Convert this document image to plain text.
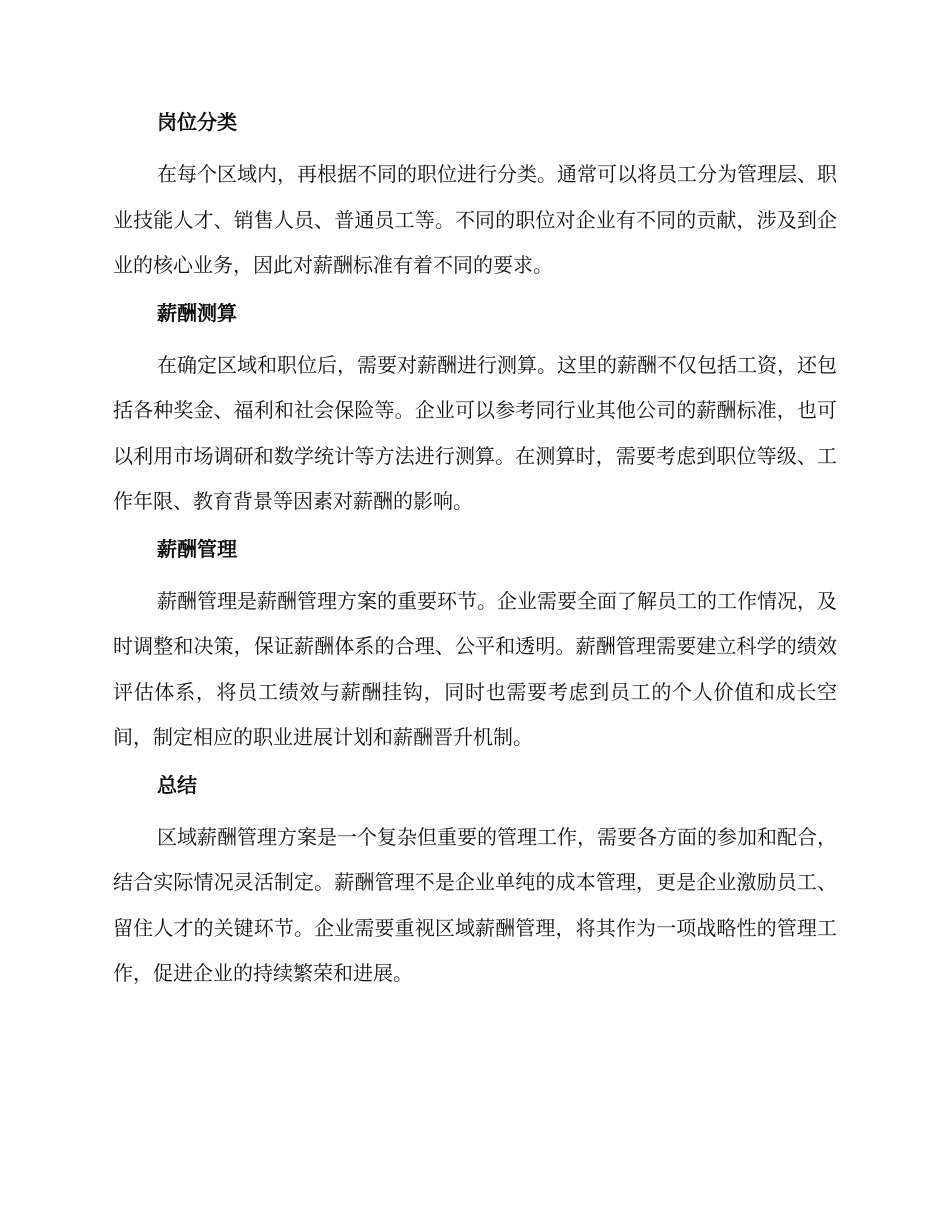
岗位分类

在每个区域内，再根据不同的职位进行分类。通常可以将员工分为管理层、职业技能人才、销售人员、普通员工等。不同的职位对企业有不同的贡献，涉及到企业的核心业务，因此对薪酬标准有着不同的要求。

薪酬测算

在确定区域和职位后，需要对薪酬进行测算。这里的薪酬不仅包括工资，还包括各种奖金、福利和社会保险等。企业可以参考同行业其他公司的薪酬标准，也可以利用市场调研和数学统计等方法进行测算。在测算时，需要考虑到职位等级、工作年限、教育背景等因素对薪酬的影响。

薪酬管理

薪酬管理是薪酬管理方案的重要环节。企业需要全面了解员工的工作情况，及时调整和决策，保证薪酬体系的合理、公平和透明。薪酬管理需要建立科学的绩效评估体系，将员工绩效与薪酬挂钩，同时也需要考虑到员工的个人价值和成长空间，制定相应的职业进展计划和薪酬晋升机制。

总结

区域薪酬管理方案是一个复杂但重要的管理工作，需要各方面的参加和配合，结合实际情况灵活制定。薪酬管理不是企业单纯的成本管理，更是企业激励员工、留住人才的关键环节。企业需要重视区域薪酬管理，将其作为一项战略性的管理工作，促进企业的持续繁荣和进展。
